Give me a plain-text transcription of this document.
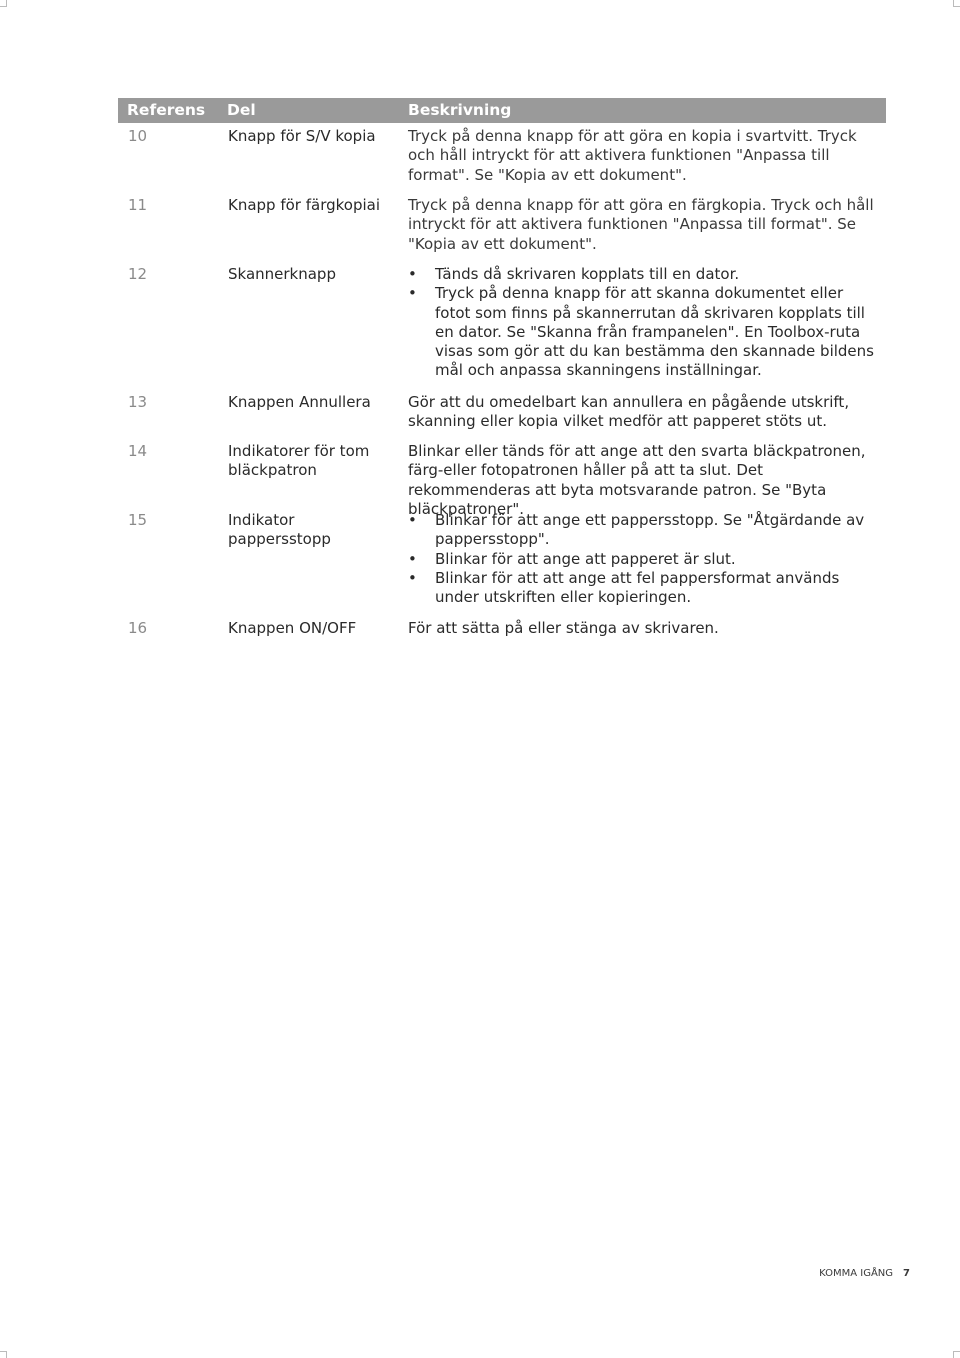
Referens Del	Beskrivning
10	Knapp för S/V kopia	Tryck på denna knapp för att göra en kopia i svartvitt. Tryck och håll intryckt för att aktivera funktionen "Anpassa till format". Se "Kopia av ett dokument".
11	Knapp för färgkopiai	Tryck på denna knapp för att göra en färgkopia. Tryck och håll intryckt för att aktivera funktionen "Anpassa till format". Se "Kopia av ett dokument".
12	Skannerknapp
•	Tänds då skrivaren kopplats till en dator.
• Tryck på denna knapp för att skanna dokumentet eller fotot som finns på skannerrutan då skrivaren kopplats till en dator. Se "Skanna från frampanelen". En Toolbox-ruta visas som gör att du kan bestämma den skannade bildens mål och anpassa skanningens inställningar.
13	Knappen Annullera	Gör att du omedelbart kan annullera en pågående utskrift, skanning eller kopia vilket medför att papperet stöts ut.
14	Indikatorer för tom bläckpatron
Blinkar eller tänds för att ange att den svarta bläckpatronen, färg-eller fotopatronen håller på att ta slut. Det rekommenderas att byta motsvarande patron. Se "Byta bläckpatroner".
15	Indikator pappersstopp
• Blinkar för att ange ett pappersstopp. Se "Åtgärdande av pappersstopp".
• Blinkar för att ange att papperet är slut.
• Blinkar för att att ange att fel pappersformat används under utskriften eller kopieringen.
16	Knappen ON/OFF	För att sätta på eller stänga av skrivaren.
KOMMA IGÅNG 7
